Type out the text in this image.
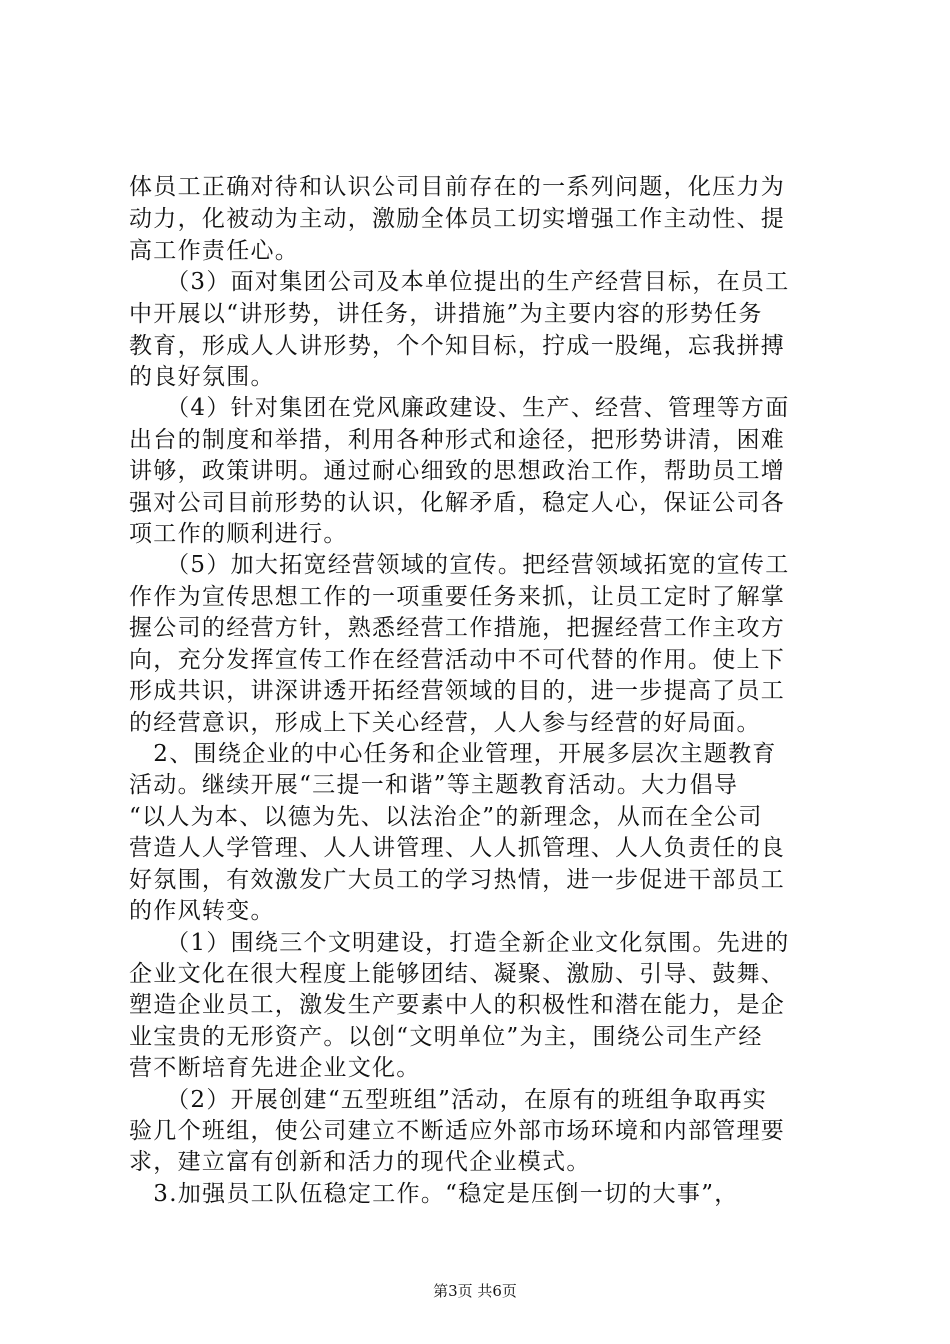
体员工正确对待和认识公司目前存在的一系列问题，化压力为
动力，化被动为主动，激励全体员工切实增强工作主动性、提
高工作责任心。
　　（3）面对集团公司及本单位提出的生产经营目标，在员工
中开展以“讲形势，讲任务，讲措施”为主要内容的形势任务
教育，形成人人讲形势，个个知目标，拧成一股绳，忘我拼搏
的良好氛围。
　　（4）针对集团在党风廉政建设、生产、经营、管理等方面
出台的制度和举措，利用各种形式和途径，把形势讲清，困难
讲够，政策讲明。通过耐心细致的思想政治工作，帮助员工增
强对公司目前形势的认识，化解矛盾，稳定人心，保证公司各
项工作的顺利进行。
　　（5）加大拓宽经营领域的宣传。把经营领域拓宽的宣传工
作作为宣传思想工作的一项重要任务来抓，让员工定时了解掌
握公司的经营方针，熟悉经营工作措施，把握经营工作主攻方
向，充分发挥宣传工作在经营活动中不可代替的作用。使上下
形成共识，讲深讲透开拓经营领域的目的，进一步提高了员工
的经营意识，形成上下关心经营，人人参与经营的好局面。
　2、围绕企业的中心任务和企业管理，开展多层次主题教育
活动。继续开展“三提一和谐”等主题教育活动。大力倡导
“以人为本、以德为先、以法治企”的新理念，从而在全公司
营造人人学管理、人人讲管理、人人抓管理、人人负责任的良
好氛围，有效激发广大员工的学习热情，进一步促进干部员工
的作风转变。
　　（1）围绕三个文明建设，打造全新企业文化氛围。先进的
企业文化在很大程度上能够团结、凝聚、激励、引导、鼓舞、
塑造企业员工，激发生产要素中人的积极性和潜在能力，是企
业宝贵的无形资产。以创“文明单位”为主，围绕公司生产经
营不断培育先进企业文化。
　　（2）开展创建“五型班组”活动，在原有的班组争取再实
验几个班组，使公司建立不断适应外部市场环境和内部管理要
求，建立富有创新和活力的现代企业模式。
　3.加强员工队伍稳定工作。“稳定是压倒一切的大事”，
第3页 共6页
